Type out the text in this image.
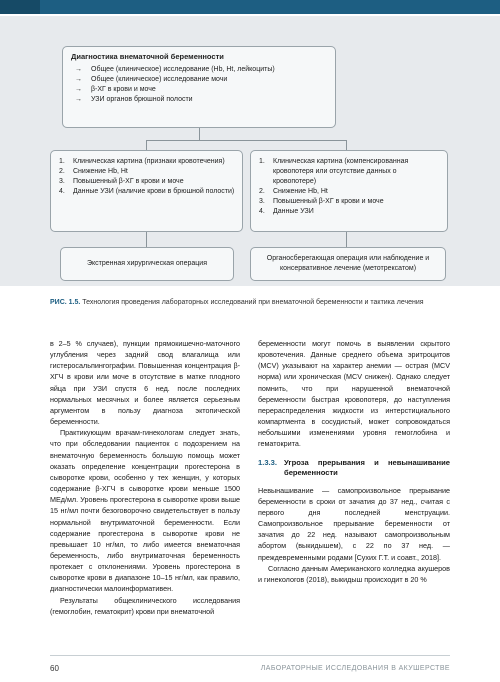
Диагностика внематочной беременности
→	Общее (клиническое) исследование (Hb, Ht, лейкоциты)
→	Общее (клиническое) исследование мочи
→	β-ХГ в крови и моче
→	УЗИ органов брюшной полости
1.	Клиническая картина (признаки кровотечения)
2.	Снижение Hb, Ht
3.	Повышенный β-ХГ в крови и моче
4.	Данные УЗИ (наличие крови в брюшной полости)
1.	Клиническая картина (компенсированная кровопотеря или отсутствие данных о кровопотере)
2.	Снижение Hb, Ht
3.	Повышенный β-ХГ в крови и моче
4.	Данные УЗИ
Экстренная хирургическая операция
Органосберегающая операция или наблюдение и консервативное лечение (метотрексатом)
РИС. 1.5. Технология проведения лабораторных исследований при внематочной беременности и тактика лечения

в 2–5 % случаев), пункции прямокишечно-маточного углубления через задний свод влагалища или гистеросальпингографии. Повышенная концентрация β-ХГЧ в крови или моче в отсутствие в матке плодного яйца при УЗИ спустя 6 нед. после последних нормальных месячных и более является серьезным аргументом в пользу диагноза эктопической беременности.

Практикующим врачам-гинекологам следует знать, что при обследовании пациенток с подозрением на внематочную беременность большую помощь может оказать определение концентрации прогестерона в сыворотке крови, особенно у тех женщин, у которых содержание β-ХГЧ в сыворотке крови меньше 1500 МЕд/мл. Уровень прогестерона в сыворотке крови выше 15 нг/мл почти безоговорочно свидетельствует в пользу нормальной внутриматочной беременности. Если содержание прогестерона в сыворотке крови не превышает 10 нг/мл, то либо имеется внематочная беременность, либо внутриматочная беременность протекает с отклонениями. Уровень прогестерона в сыворотке крови в диапазоне 10–15 нг/мл, как правило, диагностически малоинформативен.

Результаты общеклинического исследования (гемоглобин, гематокрит) крови при внематочной

беременности могут помочь в выявлении скрытого кровотечения. Данные среднего объема эритроцитов (MCV) указывают на характер анемии — острая (MCV норма) или хроническая (MCV снижен). Однако следует помнить, что при нарушенной внематочной беременности быстрая кровопотеря, до наступления перераспределения жидкости из интерстициального компартмента в сосудистый, может сопровождаться небольшими изменениями уровня гемоглобина и гематокрита.

1.3.3. Угроза прерывания и невынашивание беременности

Невынашивание — самопроизвольное прерывание беременности в сроки от зачатия до 37 нед., считая с первого дня последней менструации. Самопроизвольное прерывание беременности от зачатия до 22 нед. называют самопроизвольным абортом (выкидышем), с 22 по 37 нед. — преждевременными родами [Сухих Г.Т. и соавт., 2018].

Согласно данным Американского колледжа акушеров и гинекологов (2018), выкидыш происходит в 20 %

60	ЛАБОРАТОРНЫЕ ИССЛЕДОВАНИЯ В АКУШЕРСТВЕ
